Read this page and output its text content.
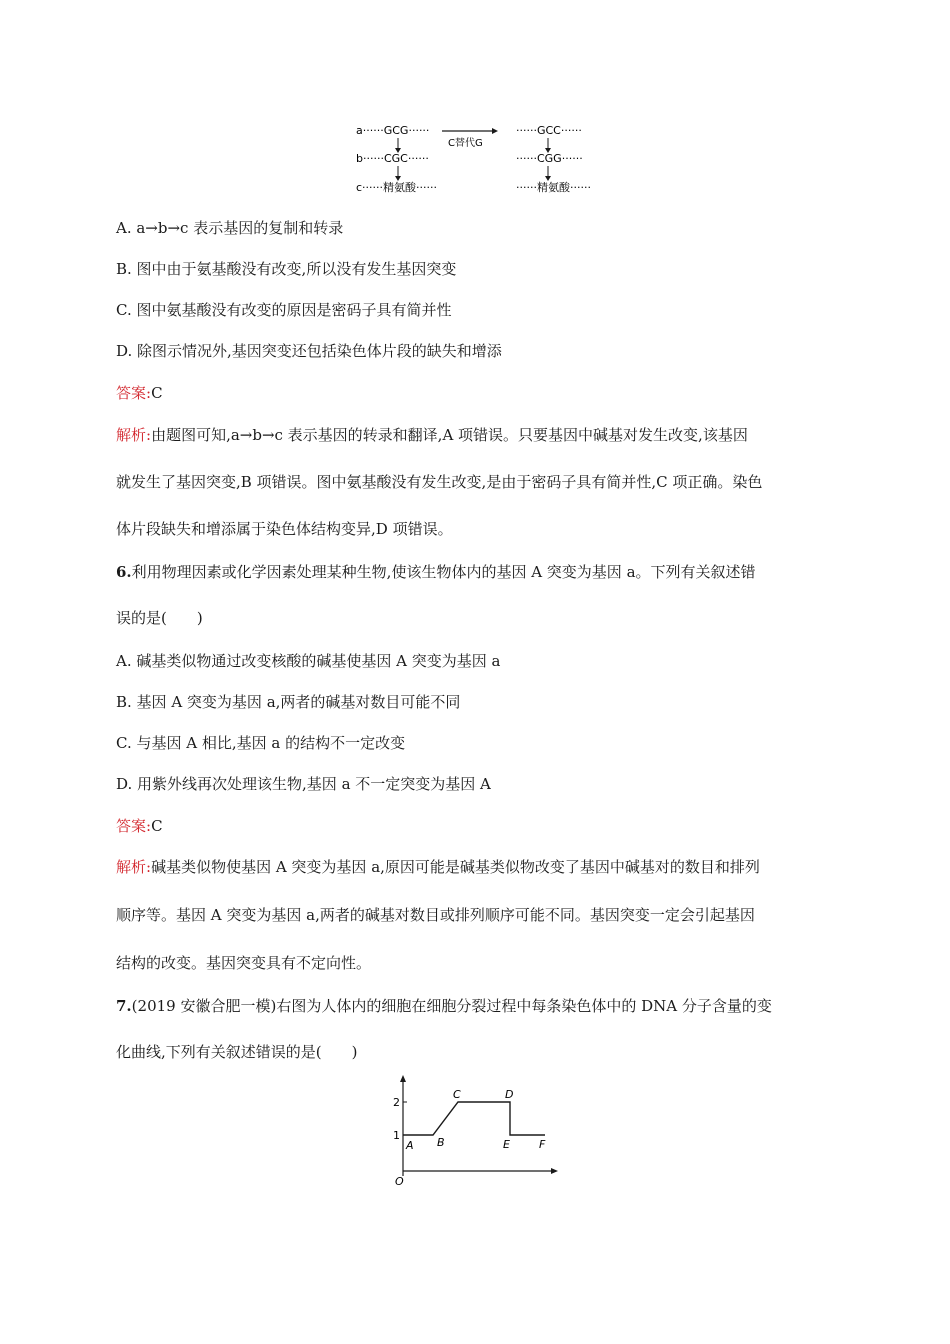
a······GCG······
b······CGC······
c······精氨酸······
C替代G
······GCC······
······CGG······
······精氨酸······
A. a→b→c 表示基因的复制和转录
B. 图中由于氨基酸没有改变,所以没有发生基因突变
C. 图中氨基酸没有改变的原因是密码子具有简并性
D. 除图示情况外,基因突变还包括染色体片段的缺失和增添
答案:C
解析:由题图可知,a→b→c 表示基因的转录和翻译,A 项错误。只要基因中碱基对发生改变,该基因
就发生了基因突变,B 项错误。图中氨基酸没有发生改变,是由于密码子具有简并性,C 项正确。染色
体片段缺失和增添属于染色体结构变异,D 项错误。
6.利用物理因素或化学因素处理某种生物,使该生物体内的基因 A 突变为基因 a。下列有关叙述错
误的是(　　)
A. 碱基类似物通过改变核酸的碱基使基因 A 突变为基因 a
B. 基因 A 突变为基因 a,两者的碱基对数目可能不同
C. 与基因 A 相比,基因 a 的结构不一定改变
D. 用紫外线再次处理该生物,基因 a 不一定突变为基因 A
答案:C
解析:碱基类似物使基因 A 突变为基因 a,原因可能是碱基类似物改变了基因中碱基对的数目和排列
顺序等。基因 A 突变为基因 a,两者的碱基对数目或排列顺序可能不同。基因突变一定会引起基因
结构的改变。基因突变具有不定向性。
7.(2019 安徽合肥一模)右图为人体内的细胞在细胞分裂过程中每条染色体中的 DNA 分子含量的变
化曲线,下列有关叙述错误的是(　　)
1
2
O
A B
C	D
E	F
